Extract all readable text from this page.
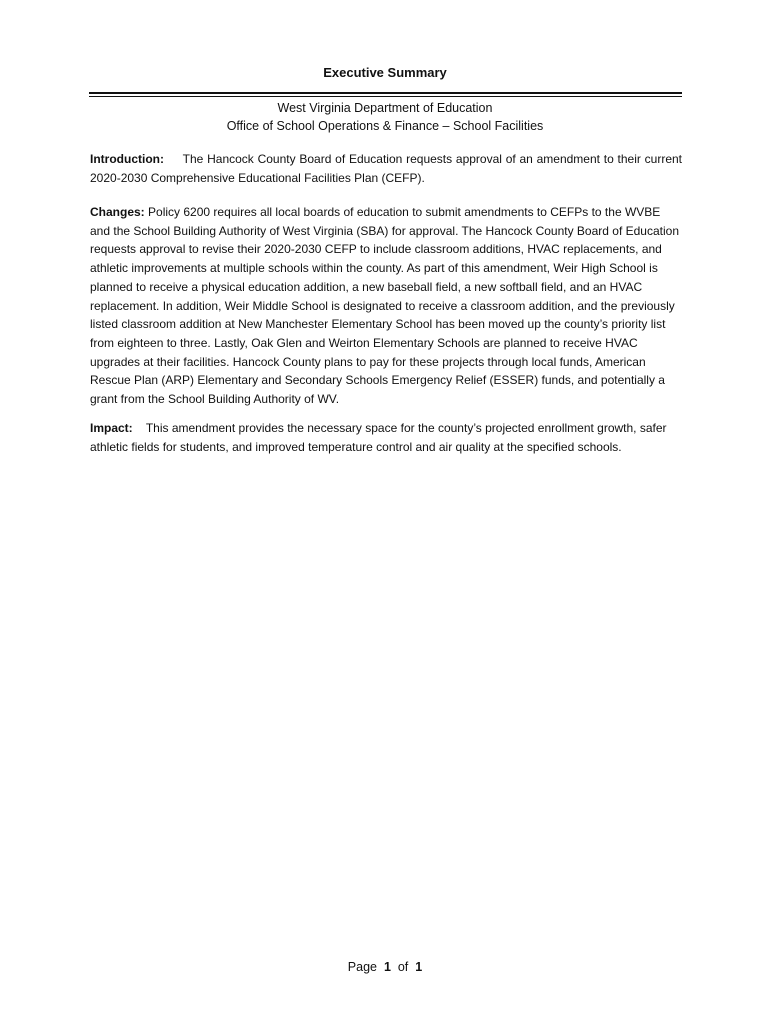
Executive Summary
West Virginia Department of Education
Office of School Operations & Finance – School Facilities
Introduction: The Hancock County Board of Education requests approval of an amendment to their current 2020-2030 Comprehensive Educational Facilities Plan (CEFP).
Changes: Policy 6200 requires all local boards of education to submit amendments to CEFPs to the WVBE and the School Building Authority of West Virginia (SBA) for approval. The Hancock County Board of Education requests approval to revise their 2020-2030 CEFP to include classroom additions, HVAC replacements, and athletic improvements at multiple schools within the county. As part of this amendment, Weir High School is planned to receive a physical education addition, a new baseball field, a new softball field, and an HVAC replacement. In addition, Weir Middle School is designated to receive a classroom addition, and the previously listed classroom addition at New Manchester Elementary School has been moved up the county’s priority list from eighteen to three. Lastly, Oak Glen and Weirton Elementary Schools are planned to receive HVAC upgrades at their facilities. Hancock County plans to pay for these projects through local funds, American Rescue Plan (ARP) Elementary and Secondary Schools Emergency Relief (ESSER) funds, and potentially a grant from the School Building Authority of WV.
Impact: This amendment provides the necessary space for the county’s projected enrollment growth, safer athletic fields for students, and improved temperature control and air quality at the specified schools.
Page 1 of 1
